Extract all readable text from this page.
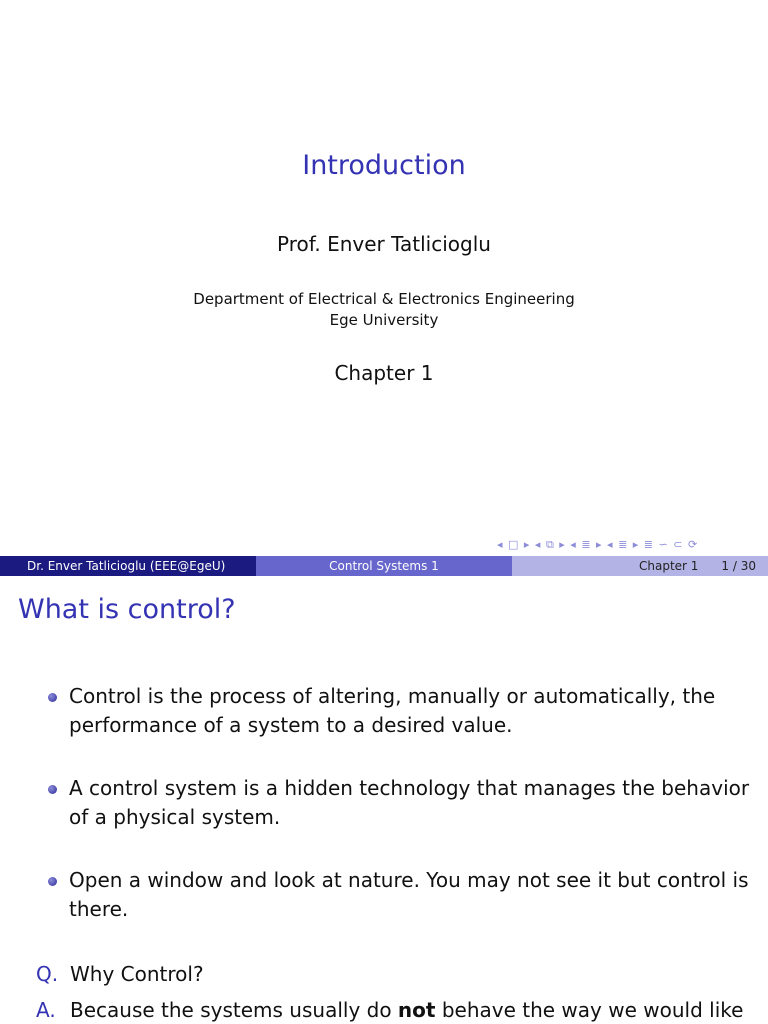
Introduction
Prof. Enver Tatlicioglu
Department of Electrical & Electronics Engineering
Ege University
Chapter 1
◂ □ ▸ ◂ ⧉ ▸ ◂ ≣ ▸ ◂ ≣ ▸ ≣ ∽ ⊂ ⟳
Dr. Enver Tatlicioglu (EEE@EgeU)	Control Systems 1	Chapter 1 1 / 30
What is control?
Control is the process of altering, manually or automatically, the performance of a system to a desired value.
A control system is a hidden technology that manages the behavior of a physical system.
Open a window and look at nature. You may not see it but control is there.
Q. Why Control?
A. Because the systems usually do not behave the way we would like
